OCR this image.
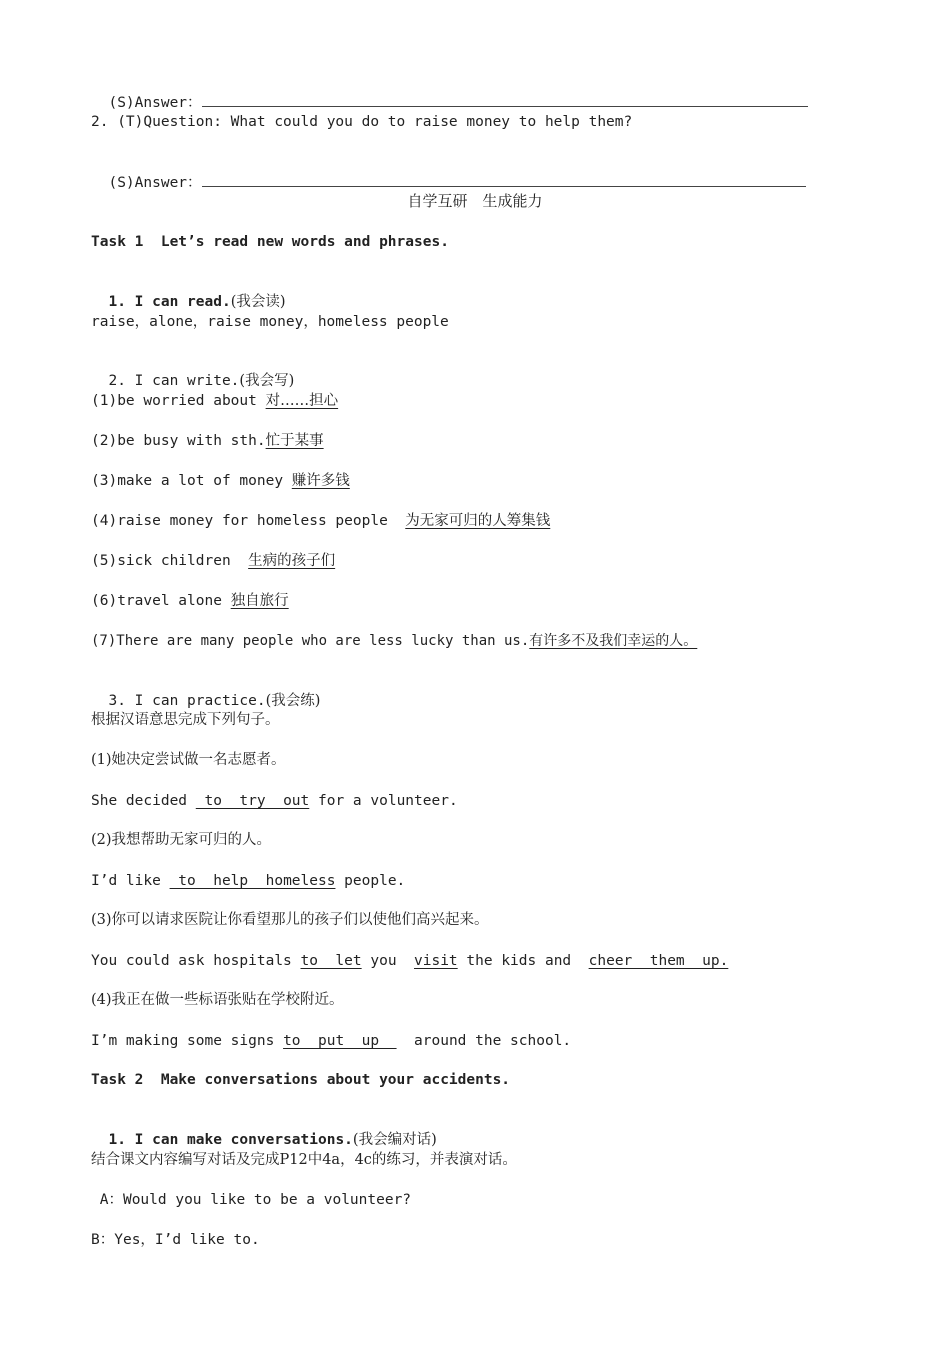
(S)Answer：

2. (T)Question: What could you do to raise money to help them?

(S)Answer：

自学互研　生成能力
Task 1  Let’s read new words and phrases.

1. I can read.(我会读)

raise，alone，raise money，homeless people

2. I can write.(我会写)

(1)be worried about 对……担心
(2)be busy with sth.忙于某事
(3)make a lot of money 赚许多钱
(4)raise money for homeless people  为无家可归的人筹集钱
(5)sick children  生病的孩子们
(6)travel alone 独自旅行
(7)There are many people who are less lucky than us.有许多不及我们幸运的人。

3. I can practice.(我会练)

根据汉语意思完成下列句子。
(1)她决定尝试做一名志愿者。
She decided  to  try  out for a volunteer.
(2)我想帮助无家可归的人。
I’d like  to  help  homeless people.
(3)你可以请求医院让你看望那儿的孩子们以使他们高兴起来。
You could ask hospitals to  let you  visit the kids and  cheer  them  up.
(4)我正在做一些标语张贴在学校附近。
I’m making some signs to  put  up    around the school.
Task 2  Make conversations about your accidents.

1. I can make conversations.(我会编对话)

结合课文内容编写对话及完成P12中4a，4c的练习，并表演对话。
A：Would you like to be a volunteer?
B：Yes，I’d like to.
